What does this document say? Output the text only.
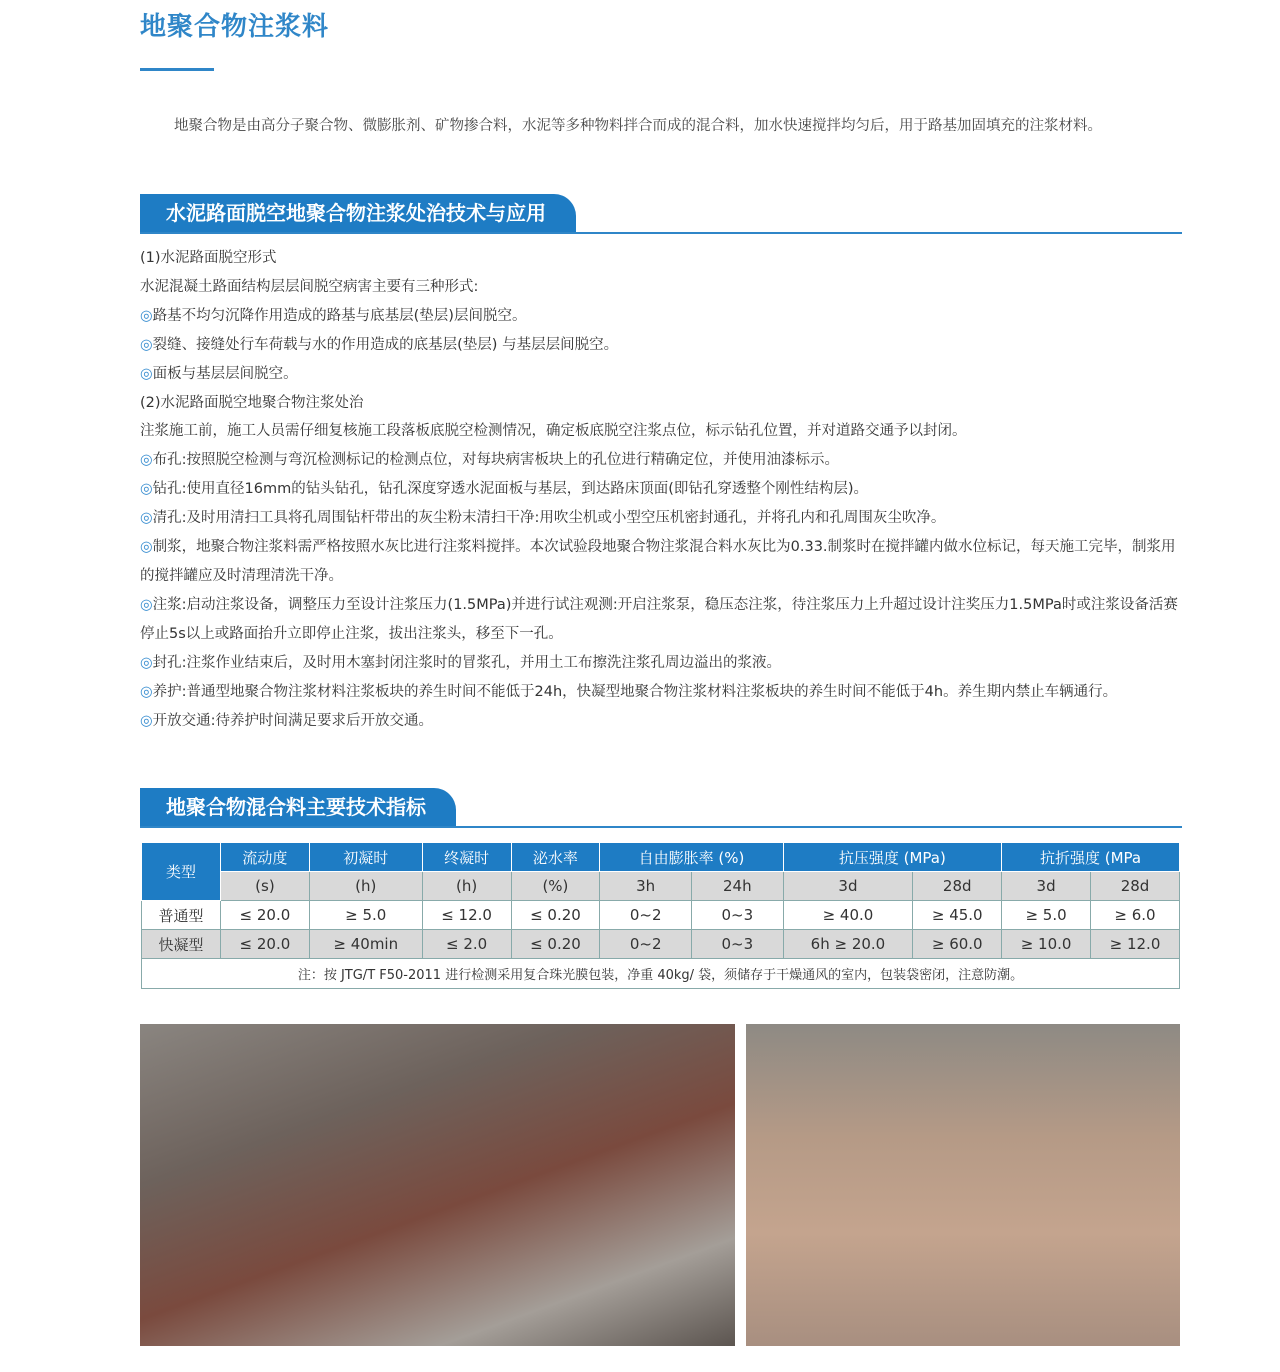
地聚合物注浆料

地聚合物是由高分子聚合物、微膨胀剂、矿物掺合料，水泥等多种物料拌合而成的混合料，加水快速搅拌均匀后，用于路基加固填充的注浆材料。

水泥路面脱空地聚合物注浆处治技术与应用

(1)水泥路面脱空形式

水泥混凝土路面结构层层间脱空病害主要有三种形式:

◎路基不均匀沉降作用造成的路基与底基层(垫层)层间脱空。

◎裂缝、接缝处行车荷载与水的作用造成的底基层(垫层) 与基层层间脱空。

◎面板与基层层间脱空。

(2)水泥路面脱空地聚合物注浆处治

注浆施工前，施工人员需仔细复核施工段落板底脱空检测情况，确定板底脱空注浆点位，标示钻孔位置，并对道路交通予以封闭。

◎布孔:按照脱空检测与弯沉检测标记的检测点位，对每块病害板块上的孔位进行精确定位，并使用油漆标示。

◎钻孔:使用直径16mm的钻头钻孔，钻孔深度穿透水泥面板与基层，到达路床顶面(即钻孔穿透整个刚性结构层)。

◎清孔:及时用清扫工具将孔周围钻杆带出的灰尘粉末清扫干净:用吹尘机或小型空压机密封通孔，并将孔内和孔周围灰尘吹净。

◎制浆，地聚合物注浆料需严格按照水灰比进行注浆料搅拌。本次试验段地聚合物注浆混合料水灰比为0.33.制浆时在搅拌罐内做水位标记，每天施工完毕，制浆用的搅拌罐应及时清理清洗干净。

◎注浆:启动注浆设备，调整压力至设计注浆压力(1.5MPa)并进行试注观测:开启注浆泵，稳压态注浆，待注浆压力上升超过设计注奖压力1.5MPa时或注浆设备活赛停止5s以上或路面抬升立即停止注浆，拔出注浆头，移至下一孔。

◎封孔:注浆作业结束后，及时用木塞封闭注浆时的冒浆孔，并用土工布擦洗注浆孔周边溢出的浆液。

◎养护:普通型地聚合物注浆材料注浆板块的养生时间不能低于24h，快凝型地聚合物注浆材料注浆板块的养生时间不能低于4h。养生期内禁止车辆通行。

◎开放交通:待养护时间满足要求后开放交通。

地聚合物混合料主要技术指标
类型	流动度	初凝时	终凝时	泌水率	自由膨胀率 (%)		抗压强度 (MPa)		抗折强度 (MPa	
	(s)	(h)	(h)	(%)	3h	24h	3d	28d	3d	28d
普通型	≤ 20.0	≥ 5.0	≤ 12.0	≤ 0.20	0~2	0~3	≥ 40.0	≥ 45.0	≥ 5.0	≥ 6.0
快凝型	≤ 20.0	≥ 40min	≤ 2.0	≤ 0.20	0~2	0~3	6h ≥ 20.0	≥ 60.0	≥ 10.0	≥ 12.0
注：按 JTG/T F50-2011 进行检测采用复合珠光膜包装，净重 40kg/ 袋，须储存于干燥通风的室内，包装袋密闭，注意防潮。										
